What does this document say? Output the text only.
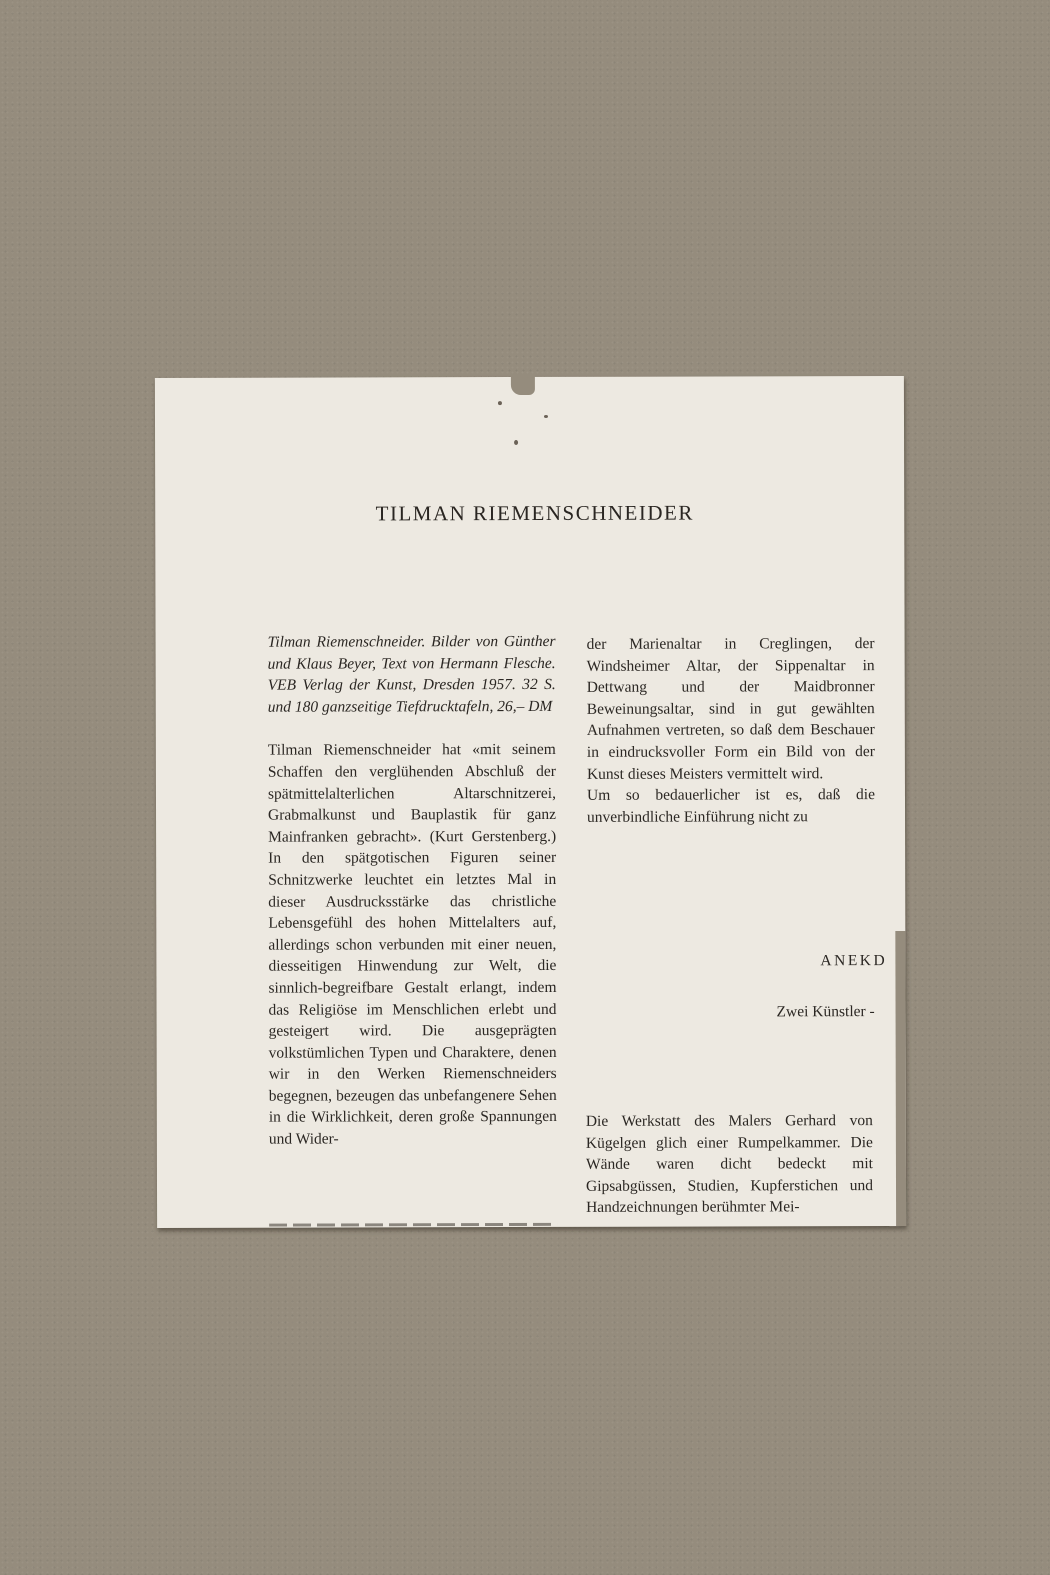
TILMAN RIEMENSCHNEIDER

Tilman Riemenschneider. Bilder von Günther und Klaus Beyer, Text von Hermann Flesche. VEB Verlag der Kunst, Dresden 1957. 32 S. und 180 ganzseitige Tiefdrucktafeln, 26,– DM

Tilman Riemenschneider hat «mit seinem Schaffen den verglühenden Abschluß der spätmittelalterlichen Altarschnitzerei, Grabmalkunst und Bauplastik für ganz Mainfranken gebracht». (Kurt Gerstenberg.) In den spätgotischen Figuren seiner Schnitzwerke leuchtet ein letztes Mal in dieser Ausdrucksstärke das christliche Lebensgefühl des hohen Mittelalters auf, allerdings schon verbunden mit einer neuen, diesseitigen Hinwendung zur Welt, die sinnlich-begreifbare Gestalt erlangt, indem das Religiöse im Menschlichen erlebt und gesteigert wird. Die ausgeprägten volkstümlichen Typen und Charaktere, denen wir in den Werken Riemenschneiders begegnen, bezeugen das unbefangenere Sehen in die Wirklichkeit, deren große Spannungen und Wider-

der Marienaltar in Creglingen, der Windsheimer Altar, der Sippenaltar in Dettwang und der Maidbronner Beweinungsaltar, sind in gut gewählten Aufnahmen vertreten, so daß dem Beschauer in eindrucksvoller Form ein Bild von der Kunst dieses Meisters vermittelt wird.

Um so bedauerlicher ist es, daß die unverbindliche Einführung nicht zu

ANEKD
Zwei Künstler -

Die Werkstatt des Malers Gerhard von Kügelgen glich einer Rumpelkammer. Die Wände waren dicht bedeckt mit Gipsabgüssen, Studien, Kupferstichen und Handzeichnungen berühmter Mei-
